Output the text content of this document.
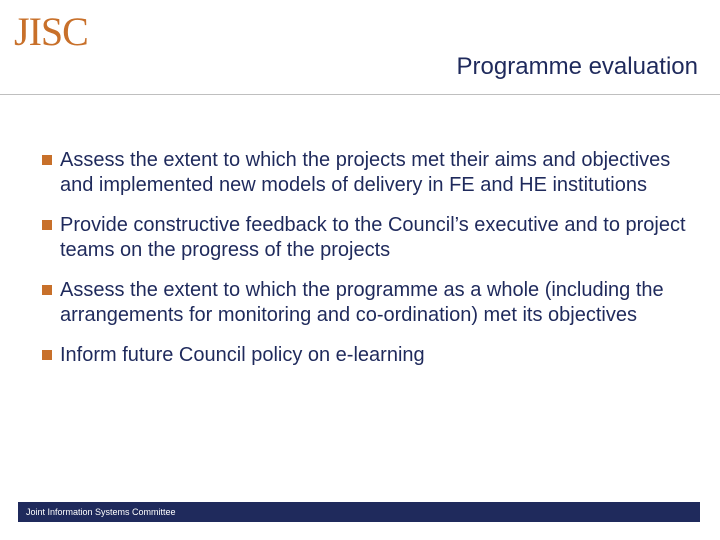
JISC
Programme evaluation
Assess the extent to which the projects met their aims and objectives and implemented new models of delivery in FE and HE institutions
Provide constructive feedback to the Council’s executive and to project teams on the progress of the projects
Assess the extent to which the programme as a whole (including the arrangements for monitoring and co-ordination) met its objectives
Inform future Council policy on e-learning
Joint Information Systems Committee
